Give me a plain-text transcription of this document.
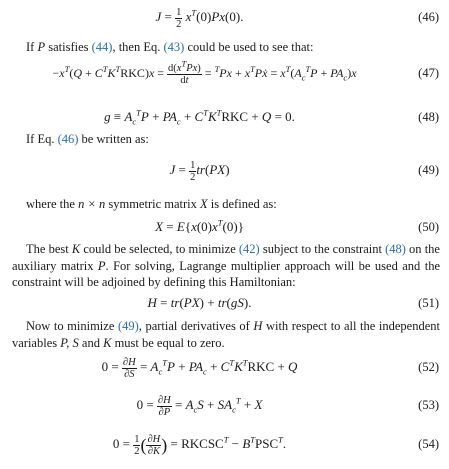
$J = \frac{1}{2} x^T(0)Px(0)$.	(46)
If P satisfies (44), then Eq. (43) could be used to see that:
$-x^T(Q + C^TK^TRKC)x = \frac{d(x^TPx)}{dt} = ^TPx$ + $x^TPẋ = x^T(A_c^TP + PA_c)x$	(47)
$g \equiv A_c^TP + PA_c + C^TK^TRKC + Q = 0$.	(48)
If Eq. (46) be written as:
$J = \frac{1}{2} tr(PX)$	(49)
where the n × n symmetric matrix X is defined as:
$X = E\{x(0)x^T(0)\}$	(50)
The best K could be selected, to minimize (42) subject to the constraint (48) on the auxiliary matrix P. For solving, Lagrange multiplier approach will be used and the constraint will be adjoined by defining this Hamiltonian:
H = tr(PX) + tr(gS).	(51)
Now to minimize (49), partial derivatives of H with respect to all the independent variables P, S and K must be equal to zero.
$0 = \frac{\partial H}{\partial S} = A_c^TP + PA_c + C^TK^TRKC + Q$	(52)
$0 = \frac{\partial H}{\partial P} = A_cS + SA_c^T + X$	(53)
$0 = \frac{1}{2}$ ( $\frac{\partial H}{\partial K}$ ) = $RKCSC^T - B^TPSC^T$.	(54)
